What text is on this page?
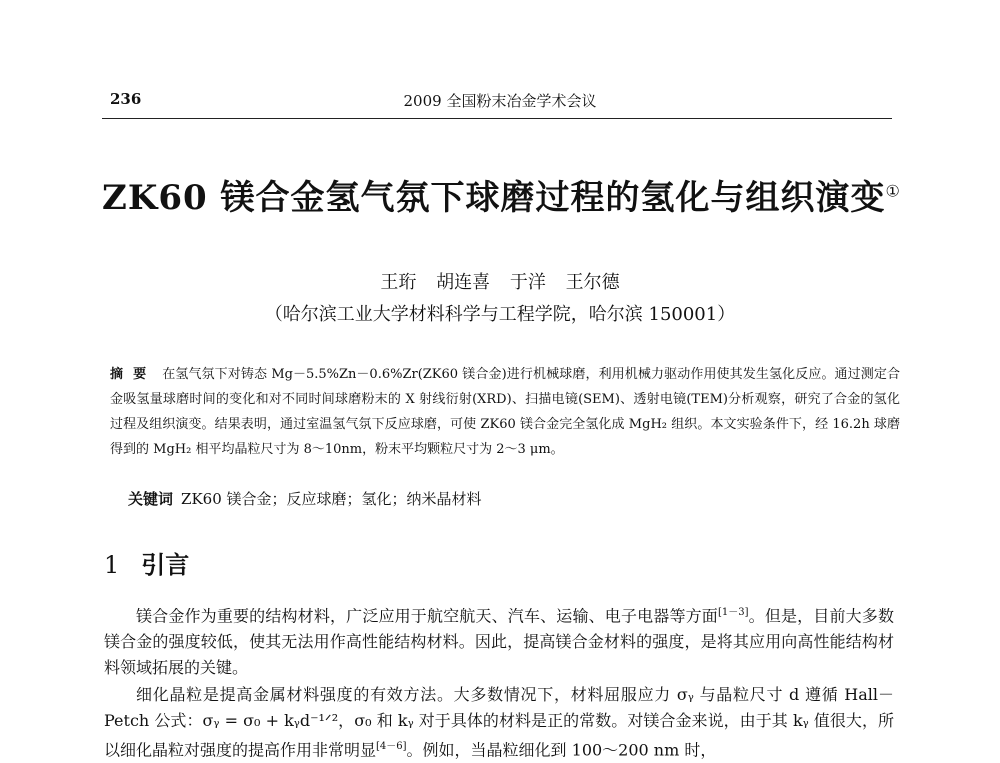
236	2009 全国粉末冶金学术会议
ZK60 镁合金氢气氛下球磨过程的氢化与组织演变①
王珩 胡连喜 于洋 王尔德
（哈尔滨工业大学材料科学与工程学院，哈尔滨 150001）
摘要 在氢气氛下对铸态 Mg－5.5%Zn－0.6%Zr(ZK60 镁合金)进行机械球磨，利用机械力驱动作用使其发生氢化反应。通过测定合金吸氢量球磨时间的变化和对不同时间球磨粉末的 X 射线衍射(XRD)、扫描电镜(SEM)、透射电镜(TEM)分析观察，研究了合金的氢化过程及组织演变。结果表明，通过室温氢气氛下反应球磨，可使 ZK60 镁合金完全氢化成 MgH₂ 组织。本文实验条件下，经 16.2h 球磨得到的 MgH₂ 相平均晶粒尺寸为 8～10nm，粉末平均颗粒尺寸为 2～3 μm。
关键词 ZK60 镁合金；反应球磨；氢化；纳米晶材料
1 引言
镁合金作为重要的结构材料，广泛应用于航空航天、汽车、运输、电子电器等方面[1－3]。但是，目前大多数镁合金的强度较低，使其无法用作高性能结构材料。因此，提高镁合金材料的强度，是将其应用向高性能结构材料领域拓展的关键。
细化晶粒是提高金属材料强度的有效方法。大多数情况下，材料屈服应力 σᵧ 与晶粒尺寸 d 遵循 Hall－Petch 公式：σᵧ = σ₀ + kᵧd⁻¹ᐟ²，σ₀ 和 kᵧ 对于具体的材料是正的常数。对镁合金来说，由于其 kᵧ 值很大，所以细化晶粒对强度的提高作用非常明显[4－6]。例如，当晶粒细化到 100～200 nm 时，
